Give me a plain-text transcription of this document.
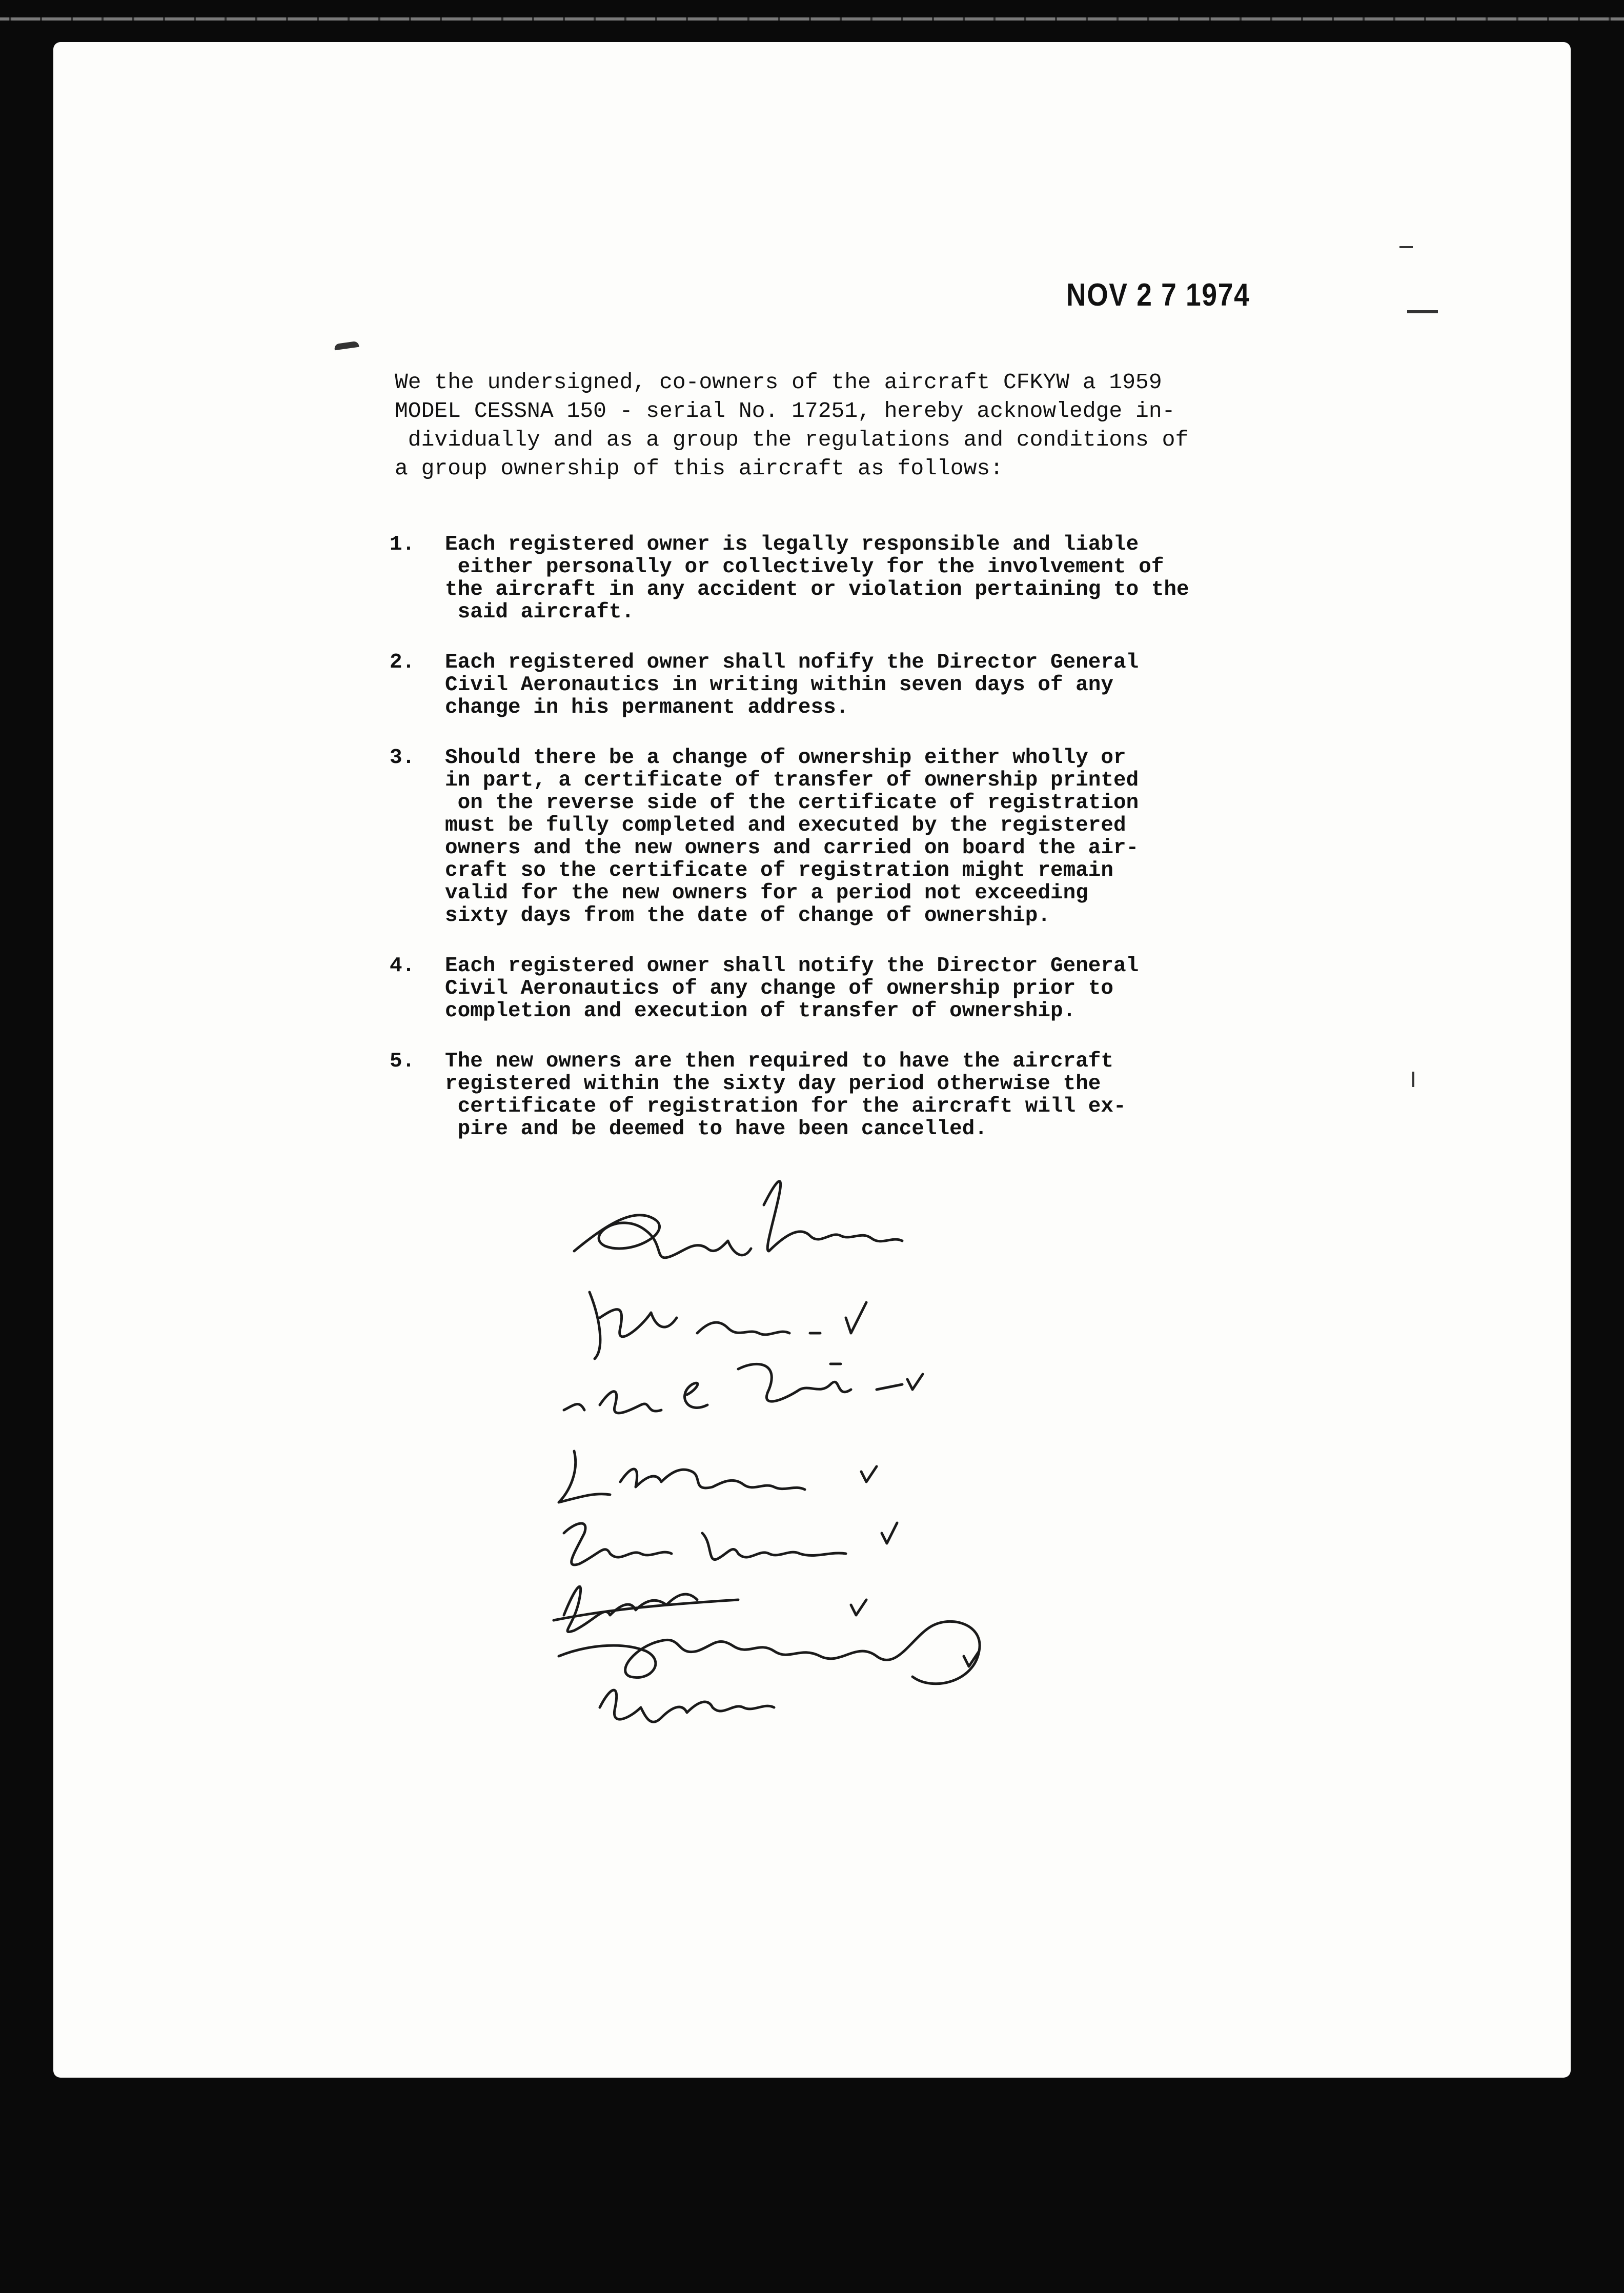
NOV 2 7 1974

We the undersigned, co-owners of the aircraft CFKYW a 1959
MODEL CESSNA 150 - serial No. 17251, hereby acknowledge in-
dividually and as a group the regulations and conditions of
a group ownership of this aircraft as follows:

1. Each registered owner is legally responsible and liable
either personally or collectively for the involvement of
the aircraft in any accident or violation pertaining to the
said aircraft.
2. Each registered owner shall nofify the Director General
Civil Aeronautics in writing within seven days of any
change in his permanent address.
3. Should there be a change of ownership either wholly or
in part, a certificate of transfer of ownership printed
on the reverse side of the certificate of registration
must be fully completed and executed by the registered
owners and the new owners and carried on board the air-
craft so the certificate of registration might remain
valid for the new owners for a period not exceeding
sixty days from the date of change of ownership.
4. Each registered owner shall notify the Director General
Civil Aeronautics of any change of ownership prior to
completion and execution of transfer of ownership.
5. The new owners are then required to have the aircraft
registered within the sixty day period otherwise the
certificate of registration for the aircraft will ex-
pire and be deemed to have been cancelled.
